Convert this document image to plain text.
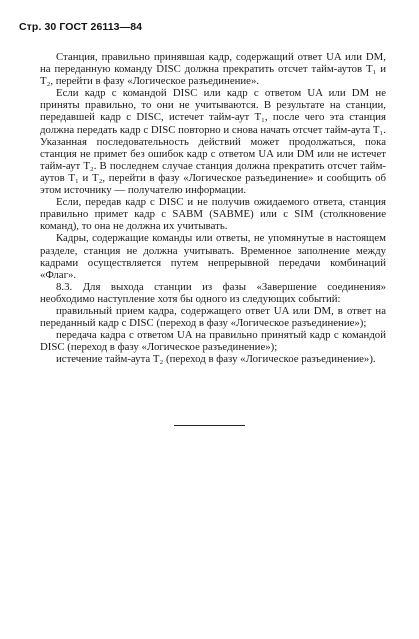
Стр. 30 ГОСТ 26113—84

Станция, правильно принявшая кадр, содержащий ответ UA или DM, на переданную команду DISC должна прекратить отсчет тайм-аутов T₁ и T₂, перейти в фазу «Логическое разъединение».

Если кадр с командой DISC или кадр с ответом UA или DM не приняты правильно, то они не учитываются. В результате на станции, передавшей кадр с DISC, истечет тайм-аут T₁, после чего эта станция должна передать кадр с DISC повторно и снова начать отсчет тайм-аута T₁. Указанная последовательность действий может продолжаться, пока станция не примет без ошибок кадр с ответом UA или DM или не истечет тайм-аут T₂. В последнем случае станция должна прекратить отсчет тайм-аутов T₁ и T₂, перейти в фазу «Логическое разъединение» и сообщить об этом источнику — получателю информации.

Если, передав кадр с DISC и не получив ожидаемого ответа, станция правильно примет кадр с SABM (SABME) или с SIM (столкновение команд), то она не должна их учитывать.

Кадры, содержащие команды или ответы, не упомянутые в настоящем разделе, станция не должна учитывать. Временное заполнение между кадрами осуществляется путем непрерывной передачи комбинаций «Флаг».

8.3. Для выхода станции из фазы «Завершение соединения» необходимо наступление хотя бы одного из следующих событий:

правильный прием кадра, содержащего ответ UA или DM, в ответ на переданный кадр с DISC (переход в фазу «Логическое разъединение»);

передача кадра с ответом UA на правильно принятый кадр с командой DISC (переход в фазу «Логическое разъединение»);

истечение тайм-аута T₂ (переход в фазу «Логическое разъединение»).
